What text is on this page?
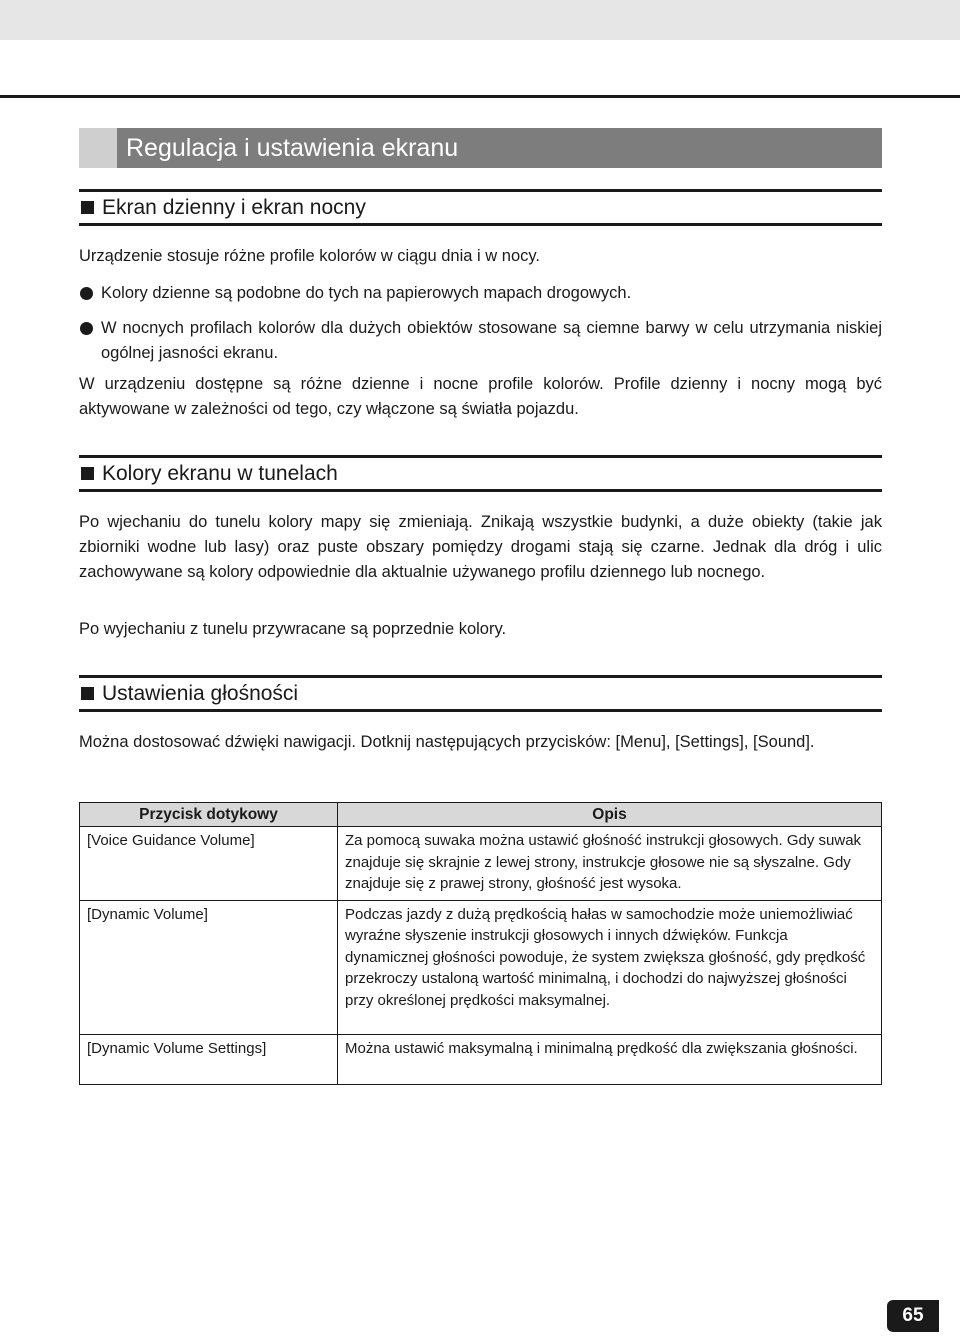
Regulacja i ustawienia ekranu
Ekran dzienny i ekran nocny

Urządzenie stosuje różne profile kolorów w ciągu dnia i w nocy.

Kolory dzienne są podobne do tych na papierowych mapach drogowych.
W nocnych profilach kolorów dla dużych obiektów stosowane są ciemne barwy w celu utrzymania niskiej ogólnej jasności ekranu.

W urządzeniu dostępne są różne dzienne i nocne profile kolorów. Profile dzienny i nocny mogą być aktywowane w zależności od tego, czy włączone są światła pojazdu.

Kolory ekranu w tunelach

Po wjechaniu do tunelu kolory mapy się zmieniają. Znikają wszystkie budynki, a duże obiekty (takie jak zbiorniki wodne lub lasy) oraz puste obszary pomiędzy drogami stają się czarne. Jednak dla dróg i ulic zachowywane są kolory odpowiednie dla aktualnie używanego profilu dziennego lub nocnego.

Po wyjechaniu z tunelu przywracane są poprzednie kolory.

Ustawienia głośności

Można dostosować dźwięki nawigacji. Dotknij następujących przycisków: [Menu], [Settings], [Sound].

Przycisk dotykowy	Opis
[Voice Guidance Volume]	Za pomocą suwaka można ustawić głośność instrukcji głosowych. Gdy suwak znajduje się skrajnie z lewej strony, instrukcje głosowe nie są słyszalne. Gdy znajduje się z prawej strony, głośność jest wysoka.
[Dynamic Volume]	Podczas jazdy z dużą prędkością hałas w samochodzie może uniemożliwiać wyraźne słyszenie instrukcji głosowych i innych dźwięków. Funkcja dynamicznej głośności powoduje, że system zwiększa głośność, gdy prędkość przekroczy ustaloną wartość minimalną, i dochodzi do najwyższej głośności przy określonej prędkości maksymalnej.
[Dynamic Volume Settings]	Można ustawić maksymalną i minimalną prędkość dla zwiększania głośności.
65
